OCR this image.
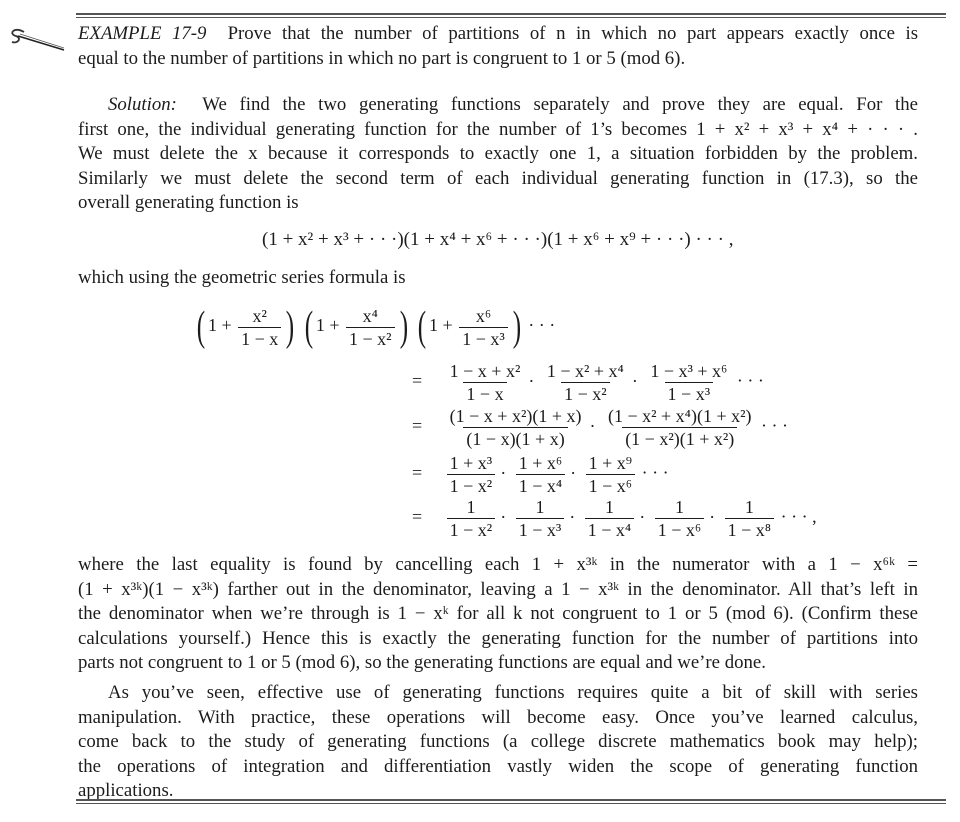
EXAMPLE 17-9 Prove that the number of partitions of n in which no part appears exactly once is
equal to the number of partitions in which no part is congruent to 1 or 5 (mod 6).
Solution: We find the two generating functions separately and prove they are equal. For the
first one, the individual generating function for the number of 1’s becomes 1 + x² + x³ + x⁴ + · · · .
We must delete the x because it corresponds to exactly one 1, a situation forbidden by the problem.
Similarly we must delete the second term of each individual generating function in (17.3), so the
overall generating function is
(1 + x² + x³ + · · ·)(1 + x⁴ + x⁶ + · · ·)(1 + x⁶ + x⁹ + · · ·) · · · ,
which using the geometric series formula is
( $1 + \frac{\text{x²}}{1 - x}$ ) ( $1 + \frac{\text{x⁴}}{\text{1 − x²}}$ ) ( $1 + \frac{\text{x⁶}}{\text{1 − x³}}$ ) · · ·
= $\frac{\text{1 − x + x²}}{1 - x} \cdot \frac{\text{1 − x² + x⁴}}{\text{1 − x²}} \cdot \frac{\text{1 − x³ + x⁶}}{\text{1 − x³}}$ · · ·
= $\frac{\text{(1 − x + x²)(1 + x)}}{(1 - x)(1 + x)} \cdot \frac{\text{(1 − x² + x⁴)(1 + x²)}}{\text{(1 − x²)(1 + x²)}}$ · · ·
= $\frac{\text{1 + x³}}{\text{1 − x²}} \cdot \frac{\text{1 + x⁶}}{\text{1 − x⁴}} \cdot \frac{\text{1 + x⁹}}{\text{1 − x⁶}}$ · · ·
= $\frac{1}{\text{1 − x²}} \cdot \frac{1}{\text{1 − x³}} \cdot \frac{1}{\text{1 − x⁴}} \cdot \frac{1}{\text{1 − x⁶}} \cdot \frac{1}{\text{1 − x⁸}}$ · · · ,
where the last equality is found by cancelling each 1 + x³ᵏ in the numerator with a 1 − x⁶ᵏ =
(1 + x³ᵏ)(1 − x³ᵏ) farther out in the denominator, leaving a 1 − x³ᵏ in the denominator. All that’s left in
the denominator when we’re through is 1 − xᵏ for all k not congruent to 1 or 5 (mod 6). (Confirm these
calculations yourself.) Hence this is exactly the generating function for the number of partitions into
parts not congruent to 1 or 5 (mod 6), so the generating functions are equal and we’re done.
As you’ve seen, effective use of generating functions requires quite a bit of skill with series
manipulation. With practice, these operations will become easy. Once you’ve learned calculus,
come back to the study of generating functions (a college discrete mathematics book may help);
the operations of integration and differentiation vastly widen the scope of generating function
applications.
